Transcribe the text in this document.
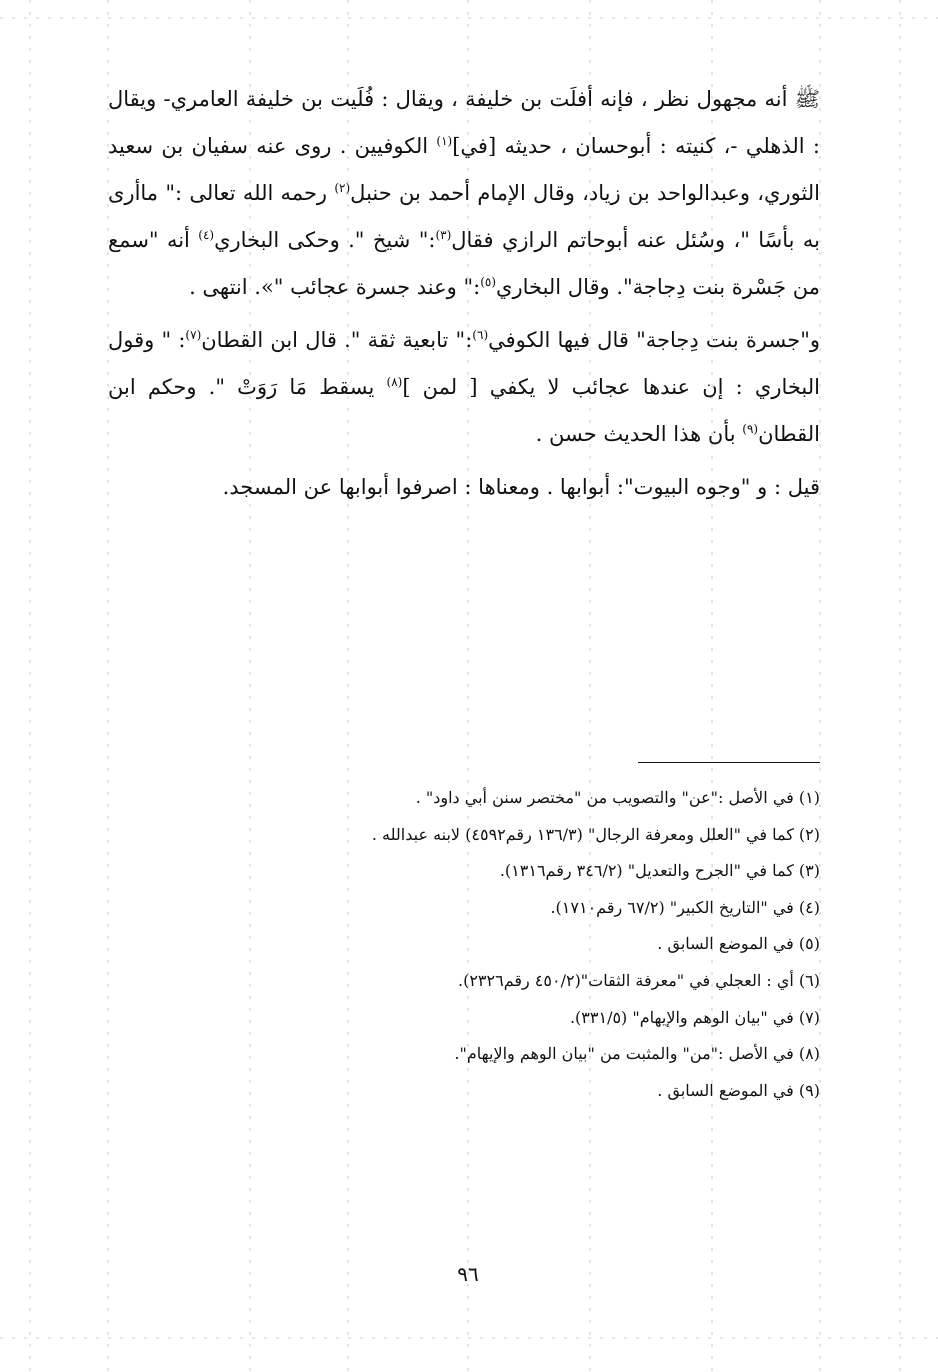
ﷺ أنه مجهول نظر ، فإنه أفلَت بن خليفة ، ويقال : فُلَيت بن خليفة العامري- ويقال : الذهلي -، كنيته : أبوحسان ، حديثه [في]$^{(١)}$ الكوفيين . روى عنه سفيان بن سعيد الثوري، وعبدالواحد بن زياد، وقال الإمام أحمد بن حنبل$^{(٢)}$ رحمه الله تعالى :" ماأرى به بأسًا "، وسُئل عنه أبوحاتم الرازي فقال$^{(٣)}$:" شيخ ". وحكى البخاري$^{(٤)}$ أنه "سمع من جَسْرة بنت دِجاجة". وقال البخاري$^{(٥)}$:" وعند جسرة عجائب "». انتهى .

و"جسرة بنت دِجاجة" قال فيها الكوفي$^{(٦)}$:" تابعية ثقة ". قال ابن القطان$^{(٧)}$: " وقول البخاري : إن عندها عجائب لا يكفي [ لمن ]$^{(٨)}$ يسقط مَا رَوَتْ ". وحكم ابن القطان$^{(٩)}$ بأن هذا الحديث حسن .

قيل : و "وجوه البيوت": أبوابها . ومعناها : اصرفوا أبوابها عن المسجد.

(١) في الأصل :"عن" والتصويب من "مختصر سنن أبي داود" .
(٢) كما في "العلل ومعرفة الرجال" (١٣٦/٣ رقم٤٥٩٢) لابنه عبدالله .
(٣) كما في "الجرح والتعديل" (٣٤٦/٢ رقم١٣١٦).
(٤) في "التاريخ الكبير" (٦٧/٢ رقم١٧١٠).
(٥) في الموضع السابق .
(٦) أي : العجلي في "معرفة الثقات"(٤٥٠/٢ رقم٢٣٢٦).
(٧) في "بيان الوهم والإيهام" (٣٣١/٥).
(٨) في الأصل :"من" والمثبت من "بيان الوهم والإيهام".
(٩) في الموضع السابق .
٩٦
